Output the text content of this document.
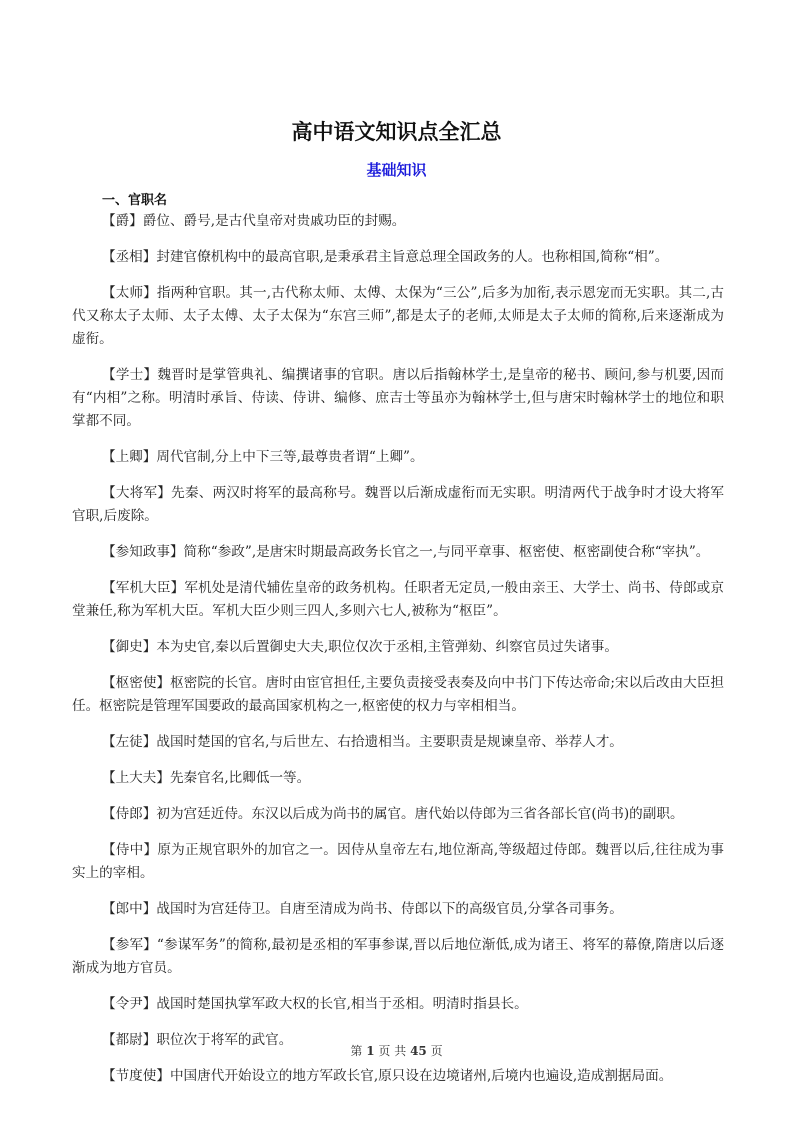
高中语文知识点全汇总
基础知识
一、官职名

【爵】爵位、爵号,是古代皇帝对贵戚功臣的封赐。

【丞相】封建官僚机构中的最高官职,是秉承君主旨意总理全国政务的人。也称相国,简称“相”。

【太师】指两种官职。其一,古代称太师、太傅、太保为“三公”,后多为加衔,表示恩宠而无实职。其二,古代又称太子太师、太子太傅、太子太保为“东宫三师”,都是太子的老师,太师是太子太师的简称,后来逐渐成为虚衔。

【学士】魏晋时是掌管典礼、编撰诸事的官职。唐以后指翰林学士,是皇帝的秘书、顾问,参与机要,因而有“内相”之称。明清时承旨、侍读、侍讲、编修、庶吉士等虽亦为翰林学士,但与唐宋时翰林学士的地位和职掌都不同。

【上卿】周代官制,分上中下三等,最尊贵者谓“上卿”。

【大将军】先秦、两汉时将军的最高称号。魏晋以后渐成虚衔而无实职。明清两代于战争时才设大将军官职,后废除。

【参知政事】简称“参政”,是唐宋时期最高政务长官之一,与同平章事、枢密使、枢密副使合称“宰执”。

【军机大臣】军机处是清代辅佐皇帝的政务机构。任职者无定员,一般由亲王、大学士、尚书、侍郎或京堂兼任,称为军机大臣。军机大臣少则三四人,多则六七人,被称为“枢臣”。

【御史】本为史官,秦以后置御史大夫,职位仅次于丞相,主管弹劾、纠察官员过失诸事。

【枢密使】枢密院的长官。唐时由宦官担任,主要负责接受表奏及向中书门下传达帝命;宋以后改由大臣担任。枢密院是管理军国要政的最高国家机构之一,枢密使的权力与宰相相当。

【左徒】战国时楚国的官名,与后世左、右拾遗相当。主要职责是规谏皇帝、举荐人才。

【上大夫】先秦官名,比卿低一等。

【侍郎】初为宫廷近侍。东汉以后成为尚书的属官。唐代始以侍郎为三省各部长官(尚书)的副职。

【侍中】原为正规官职外的加官之一。因侍从皇帝左右,地位渐高,等级超过侍郎。魏晋以后,往往成为事实上的宰相。

【郎中】战国时为宫廷侍卫。自唐至清成为尚书、侍郎以下的高级官员,分掌各司事务。

【参军】“参谋军务”的简称,最初是丞相的军事参谋,晋以后地位渐低,成为诸王、将军的幕僚,隋唐以后逐渐成为地方官员。

【令尹】战国时楚国执掌军政大权的长官,相当于丞相。明清时指县长。

【都尉】职位次于将军的武官。

【节度使】中国唐代开始设立的地方军政长官,原只设在边境诸州,后境内也遍设,造成割据局面。

第 1 页 共 45 页
